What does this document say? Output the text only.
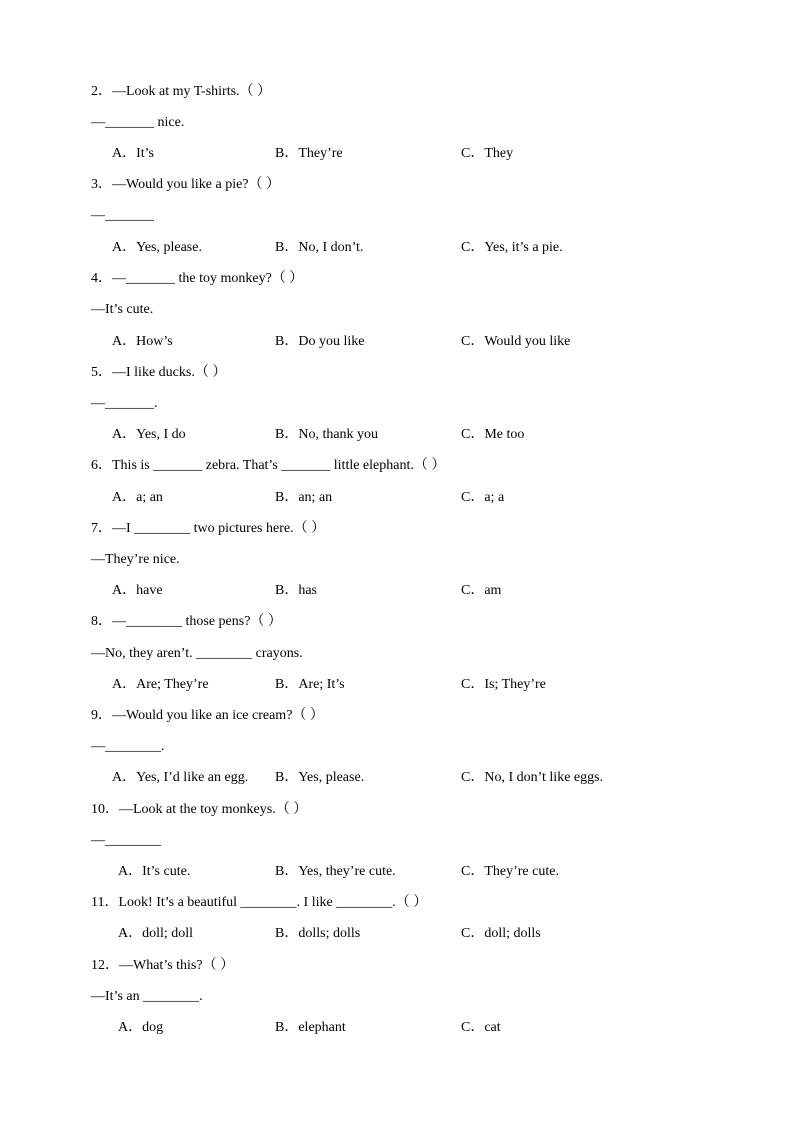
2．—Look at my T-shirts.（ ）
—_______ nice.
A．It’s	B．They’re	C．They
3．—Would you like a pie?（ ）
—_______
A．Yes, please.	B．No, I don’t.	C．Yes, it’s a pie.
4．—_______ the toy monkey?（ ）
—It’s cute.
A．How’s	B．Do you like	C．Would you like
5．—I like ducks.（ ）
—_______.
A．Yes, I do	B．No, thank you	C．Me too
6．This is _______ zebra. That’s _______ little elephant.（ ）
A．a; an	B．an; an	C．a; a
7．—I ________ two pictures here.（ ）
—They’re nice.
A．have	B．has	C．am
8．—________ those pens?（ ）
—No, they aren’t. ________ crayons.
A．Are; They’re	B．Are; It’s	C．Is; They’re
9．—Would you like an ice cream?（ ）
—________.
A．Yes, I’d like an egg. B．Yes, please.	C．No, I don’t like eggs.
10．—Look at the toy monkeys.（ ）
—________
A．It’s cute.	B．Yes, they’re cute.	C．They’re cute.
11．Look! It’s a beautiful ________. I like ________.（ ）
A．doll; doll	B．dolls; dolls	C．doll; dolls
12．—What’s this?（ ）
—It’s an ________.
A．dog	B．elephant	C．cat
